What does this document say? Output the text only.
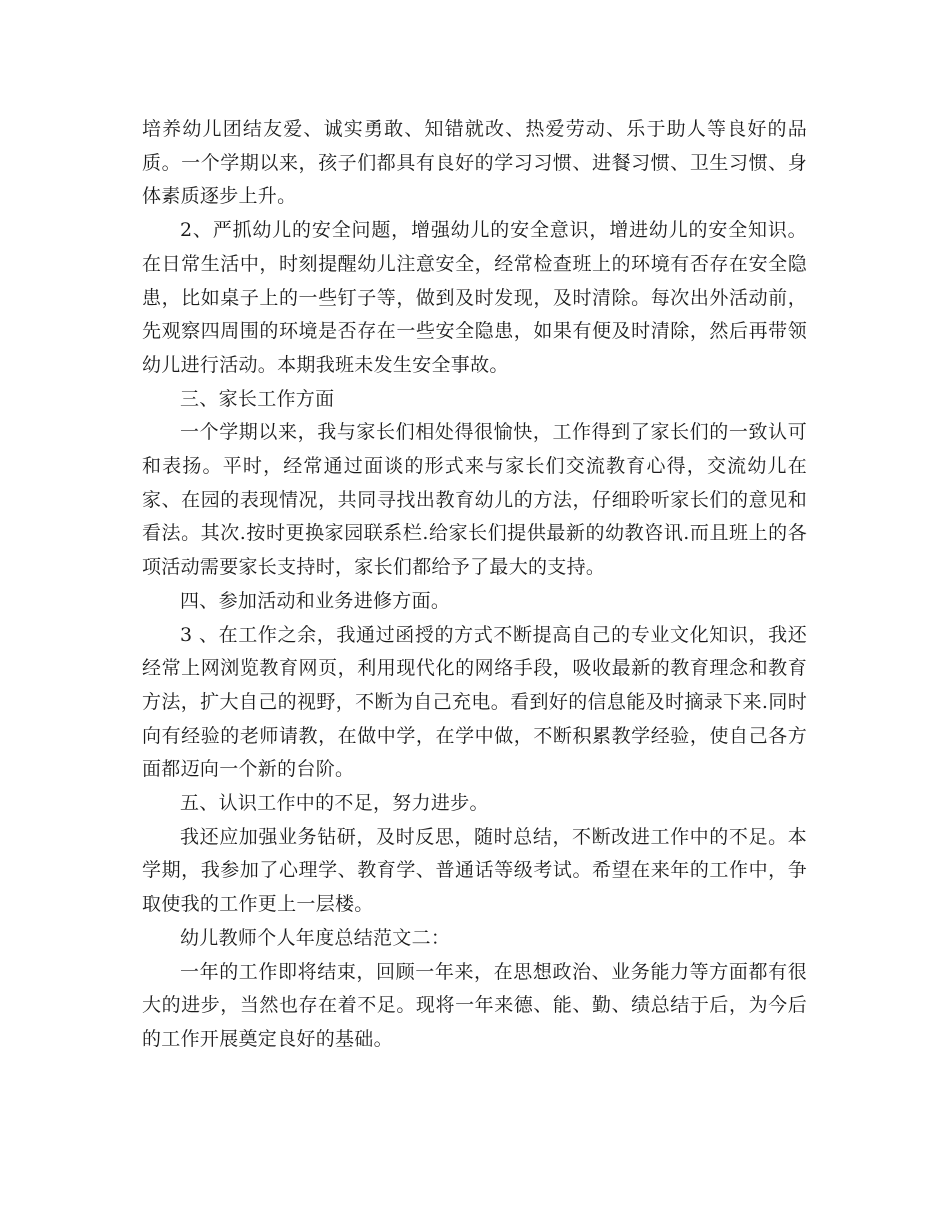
培养幼儿团结友爱、诚实勇敢、知错就改、热爱劳动、乐于助人等良好的品质。一个学期以来，孩子们都具有良好的学习习惯、进餐习惯、卫生习惯、身体素质逐步上升。

2、严抓幼儿的安全问题，增强幼儿的安全意识，增进幼儿的安全知识。在日常生活中，时刻提醒幼儿注意安全，经常检查班上的环境有否存在安全隐患，比如桌子上的一些钉子等，做到及时发现，及时清除。每次出外活动前，先观察四周围的环境是否存在一些安全隐患，如果有便及时清除，然后再带领幼儿进行活动。本期我班未发生安全事故。

三、家长工作方面

一个学期以来，我与家长们相处得很愉快，工作得到了家长们的一致认可和表扬。平时，经常通过面谈的形式来与家长们交流教育心得，交流幼儿在家、在园的表现情况，共同寻找出教育幼儿的方法，仔细聆听家长们的意见和看法。其次.按时更换家园联系栏.给家长们提供最新的幼教咨讯.而且班上的各项活动需要家长支持时，家长们都给予了最大的支持。

四、参加活动和业务进修方面。

3 、在工作之余，我通过函授的方式不断提高自己的专业文化知识，我还经常上网浏览教育网页，利用现代化的网络手段，吸收最新的教育理念和教育方法，扩大自己的视野，不断为自己充电。看到好的信息能及时摘录下来.同时向有经验的老师请教，在做中学，在学中做，不断积累教学经验，使自己各方面都迈向一个新的台阶。

五、认识工作中的不足，努力进步。

我还应加强业务钻研，及时反思，随时总结，不断改进工作中的不足。本学期，我参加了心理学、教育学、普通话等级考试。希望在来年的工作中，争取使我的工作更上一层楼。

幼儿教师个人年度总结范文二：

一年的工作即将结束，回顾一年来，在思想政治、业务能力等方面都有很大的进步，当然也存在着不足。现将一年来德、能、勤、绩总结于后，为今后的工作开展奠定良好的基础。
